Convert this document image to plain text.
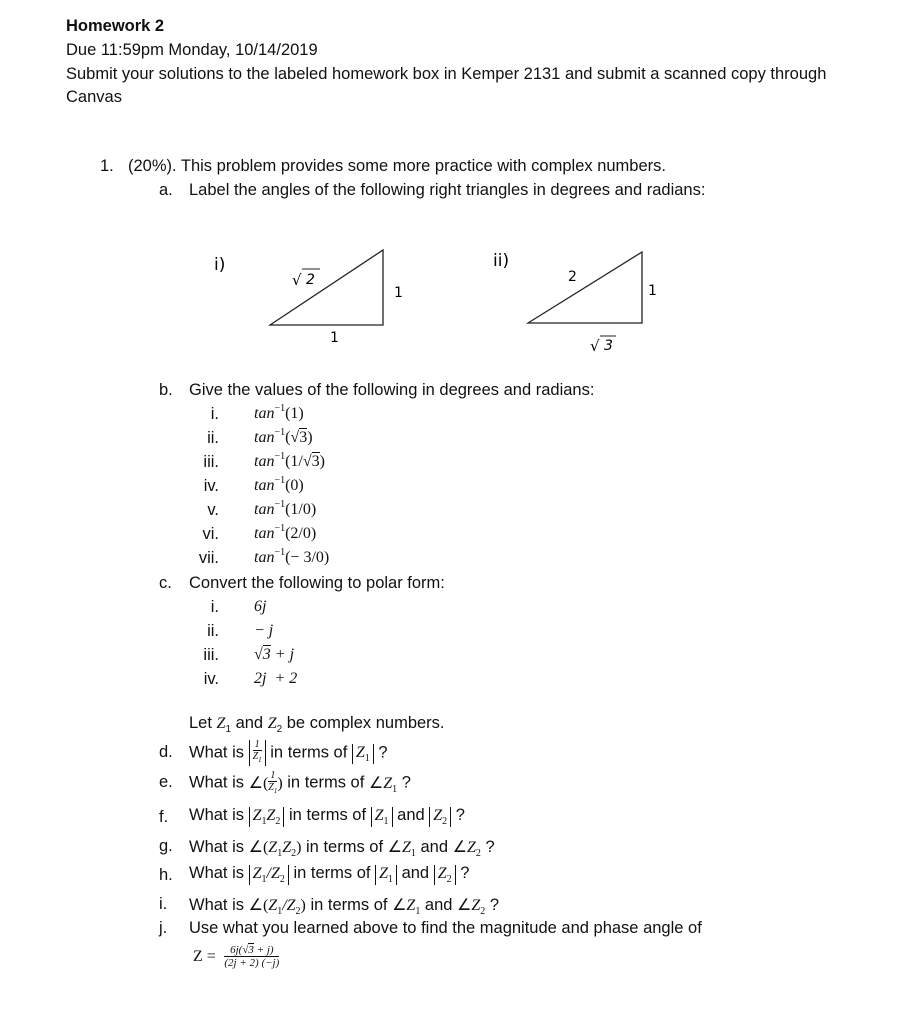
Homework 2
Due 11:59pm Monday, 10/14/2019
Submit your solutions to the labeled homework box in Kemper 2131 and submit a scanned copy through
Canvas
1. (20%). This problem provides some more practice with complex numbers.
a. Label the angles of the following right triangles in degrees and radians:
i)
√ 2
1
1
ii)
2
1
√ 3
b. Give the values of the following in degrees and radians:
i. $\tan^{-1}(1)$
ii. $\tan^{-1}(√3)$
iii. $\tan^{-1}(1/√3)$
iv. $\tan^{-1}(0)$
v. $\tan^{-1}(1/0)$
vi. $\tan^{-1}(2/0)$
vii. $\tan^{-1}(- 3/0)$
c. Convert the following to polar form:
i. 6j
ii. − j
iii. √3 + j
iv. 2j  + 2
Let $Z_1$ and $Z_2$ be complex numbers.
d. What is $\frac{1}{Z_1}$ in terms of $Z_1$ ?
e. What is ∠( $\frac{1}{Z_1}$ ) in terms of $\angle Z_1$ ?
f. What is $Z_1Z_2$ in terms of $Z_1$ and $Z_2$ ?
g. What is $\angle(Z_1Z_2)$ in terms of $\angle Z_1$ and $\angle Z_2$ ?
h. What is $Z_1/Z_2$ in terms of $Z_1$ and $Z_2$ ?
i. What is $\angle(Z_1/Z_2)$ in terms of $\angle Z_1$ and $\angle Z_2$ ?
j. Use what you learned above to find the magnitude and phase angle of
$Z = \frac{6j(√3 + j)}{(2j + 2) (-j)}$
